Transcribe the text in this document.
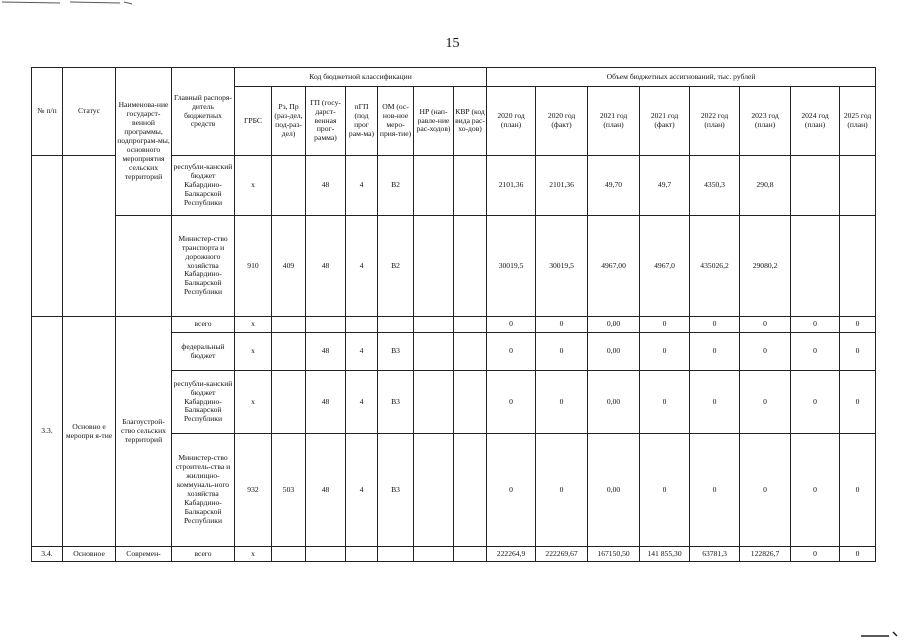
15
№ п/п	Статус	Наименова-ние государст-венной программы, подпрограм-мы, основного мероприятия сельских территорий	Главный распоря-дитель бюджетных средств	Код бюджетной классификации							Объем бюджетных ассигнований, тыс. рублей							
				ГРБС	Рз, Пр (раз-дел, под-раз-дел)	ГП (госу-дарст-венная прог-рамма)	пГП (под прог рам-ма)	ОМ (ос-нов-ное меро-прия-тие)	НР (нап-равле-ние рас-ходов)	КВР (код вида рас-хо-дов)	2020 год (план)	2020 год (факт)	2021 год (план)	2021 год (факт)	2022 год (план)	2023 год (план)	2024 год (план)	2025 год (план)
			республи-канский бюджет Кабардино-Балкарской Республики	х		48	4	В2			2101,36	2101,36	49,70	49,7	4350,3	290,8		
			Министер-ство транспорта и дорожного хозяйства Кабардино-Балкарской Республики	910	409	48	4	В2			30019,5	30019,5	4967,00	4967,0	435026,2	29080,2		
3.3.	Основно е меропри я-тие	Благоустрой-ство сельских территорий	всего	х							0	0	0,00	0	0	0	0	0
			федеральный бюджет	х		48	4	В3			0	0	0,00	0	0	0	0	0
			республи-канский бюджет Кабардино-Балкарской Республики	х		48	4	В3			0	0	0,00	0	0	0	0	0
			Министер-ство строитель-ства и жилищно-коммуналь-ного хозяйства Кабардино-Балкарской Республики	932	503	48	4	В3			0	0	0,00	0	0	0	0	0
3.4.	Основное	Современ-	всего	х							222264,9	222269,67	167150,50	141 855,30	63781,3	122826,7	0	0
